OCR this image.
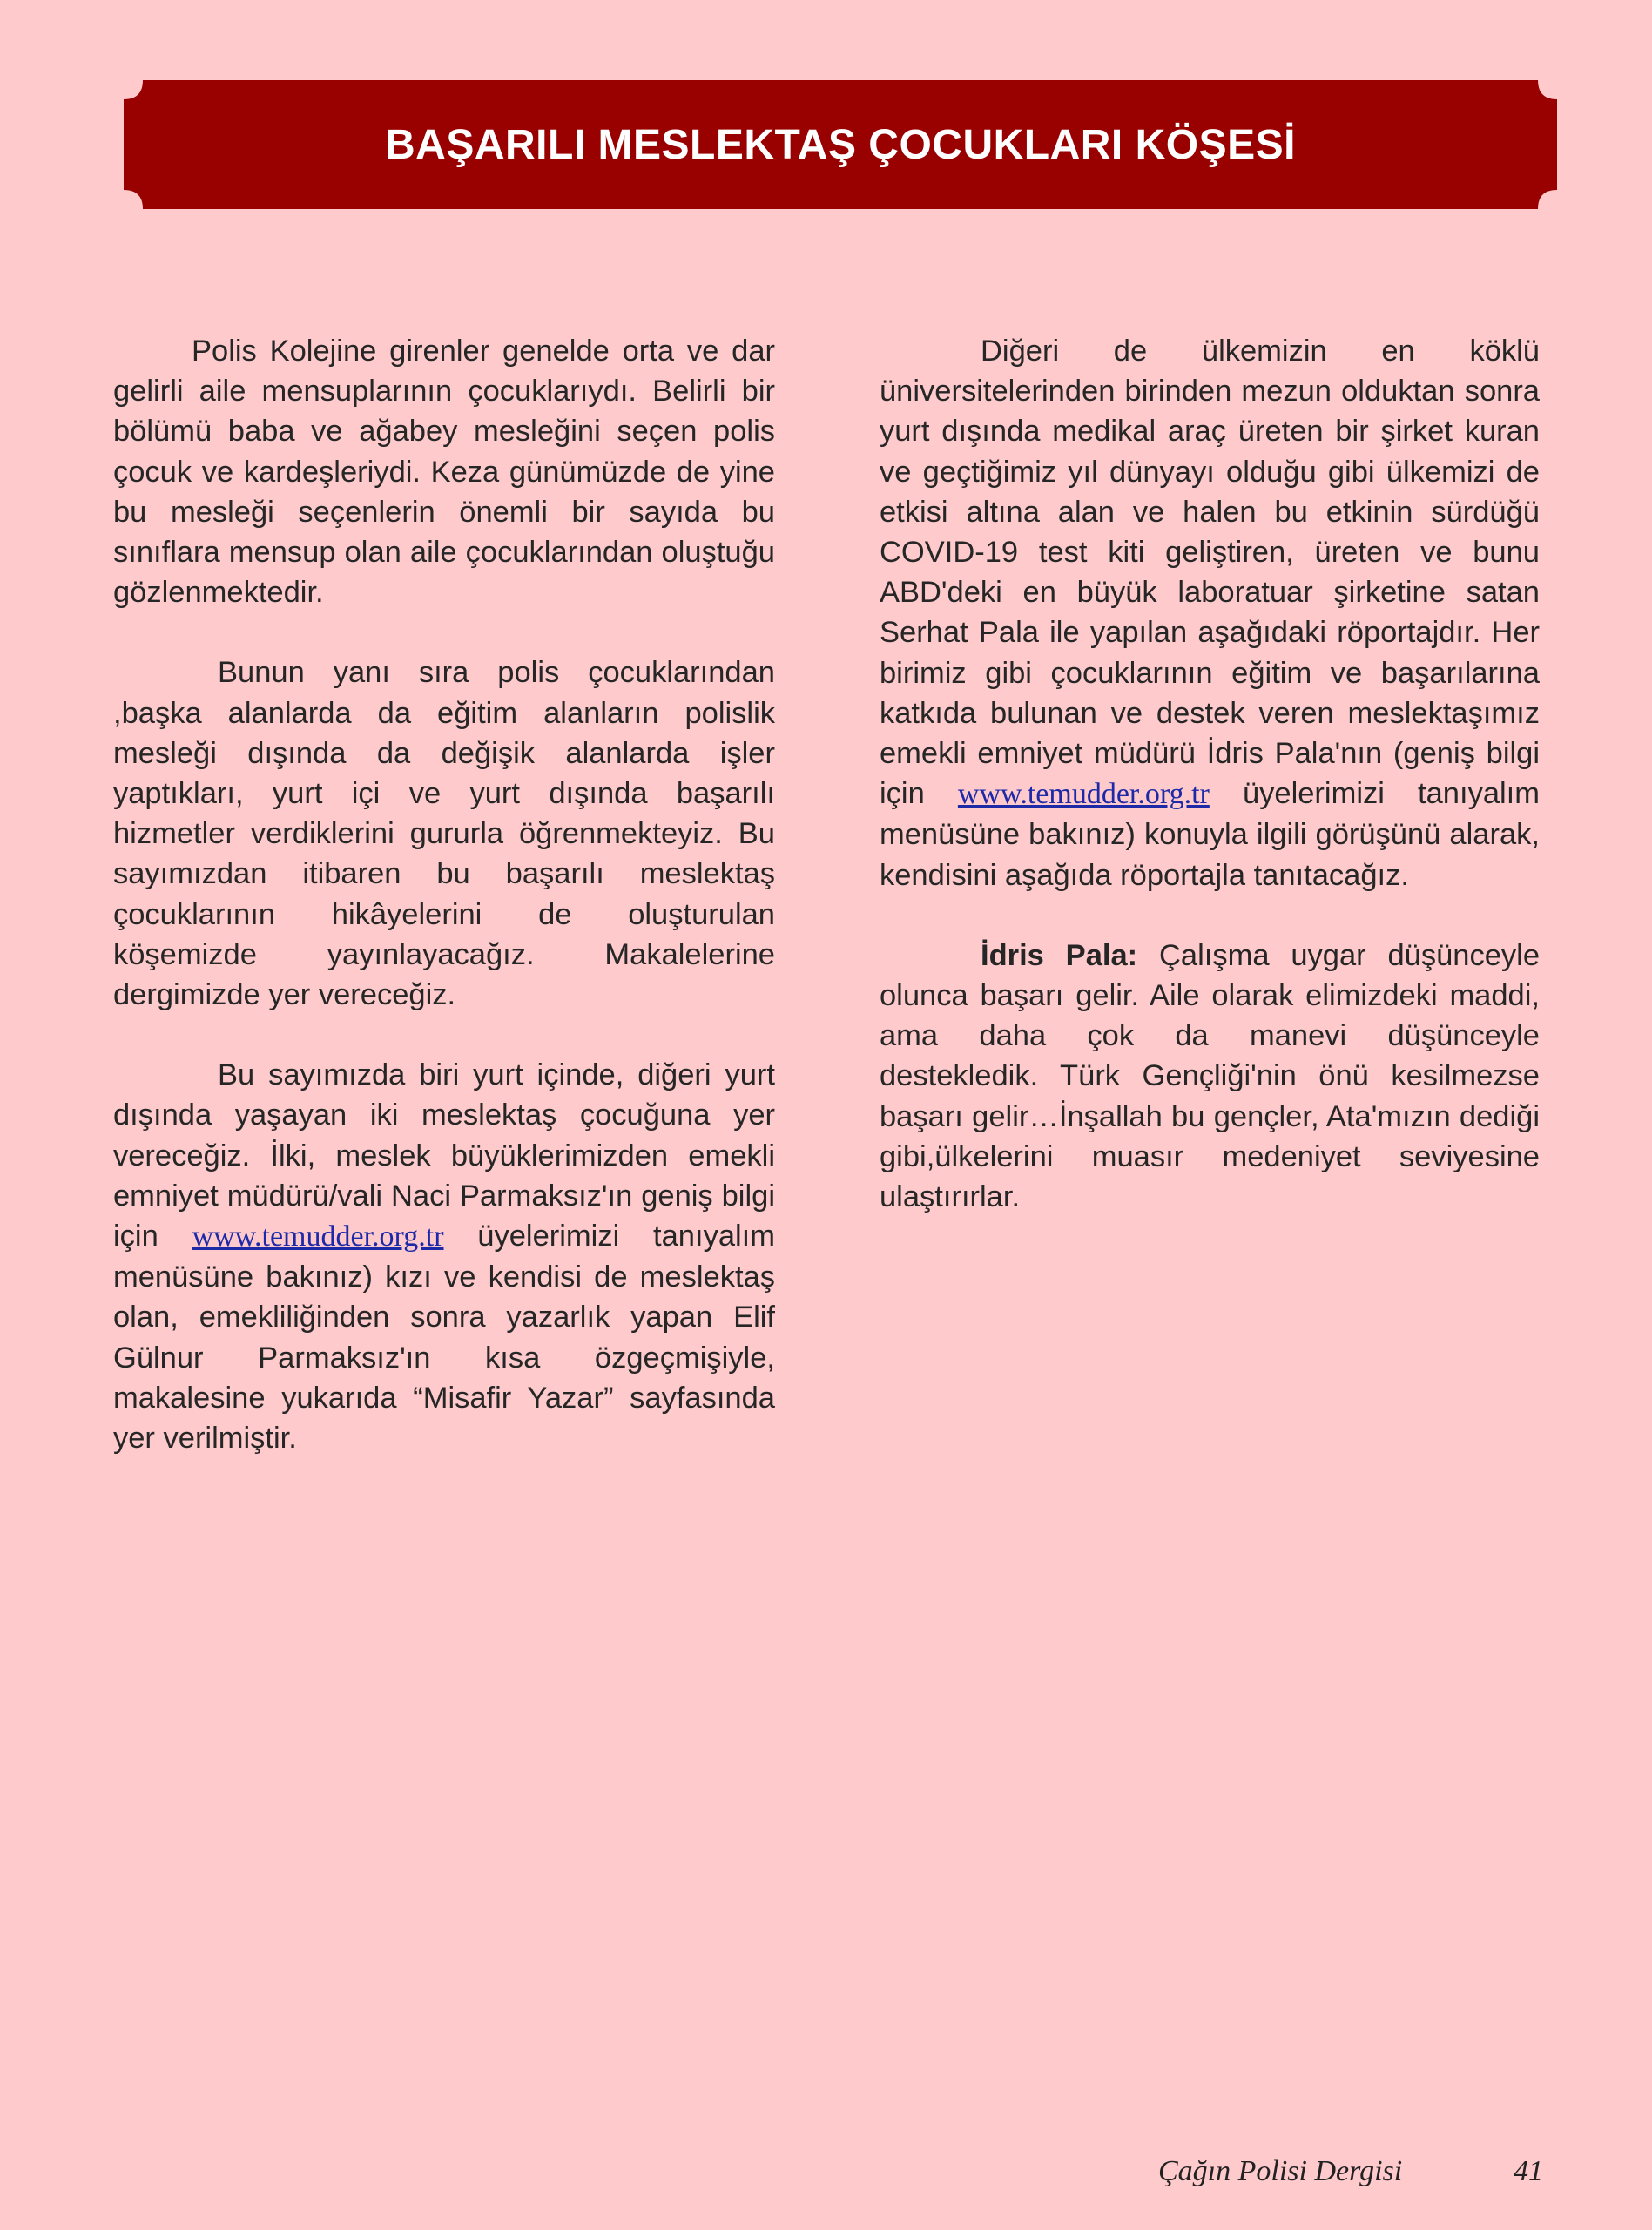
BAŞARILI MESLEKTAŞ ÇOCUKLARI KÖŞESİ

Polis Kolejine girenler genelde orta ve dar gelirli aile mensuplarının çocuklarıydı. Belirli bir bölümü baba ve ağabey mesleğini seçen polis çocuk ve kardeşleriydi. Keza günümüzde de yine bu mesleği seçenlerin önemli bir sayıda bu sınıflara mensup olan aile çocuklarından oluştuğu gözlenmektedir.

Bunun yanı sıra polis çocuklarından ,başka alanlarda da eğitim alanların polislik mesleği dışında da değişik alanlarda işler yaptıkları, yurt içi ve yurt dışında başarılı hizmetler verdiklerini gururla öğrenmekteyiz. Bu sayımızdan itibaren bu başarılı meslektaş çocuklarının hikâyelerini de oluşturulan köşemizde yayınlayacağız. Makalelerine dergimizde yer vereceğiz.

Bu sayımızda biri yurt içinde, diğeri yurt dışında yaşayan iki meslektaş çocuğuna yer vereceğiz. İlki, meslek büyüklerimizden emekli emniyet müdürü/vali Naci Parmaksız'ın geniş bilgi için www.temudder.org.tr üyelerimizi tanıyalım menüsüne bakınız) kızı ve kendisi de meslektaş olan, emekliliğinden sonra yazarlık yapan Elif Gülnur Parmaksız'ın kısa özgeçmişiyle, makalesine yukarıda “Misafir Yazar” sayfasında yer verilmiştir.

Diğeri de ülkemizin en köklü üniversitelerinden birinden mezun olduktan sonra yurt dışında medikal araç üreten bir şirket kuran ve geçtiğimiz yıl dünyayı olduğu gibi ülkemizi de etkisi altına alan ve halen bu etkinin sürdüğü COVID-19 test kiti geliştiren, üreten ve bunu ABD'deki en büyük laboratuar şirketine satan Serhat Pala ile yapılan aşağıdaki röportajdır. Her birimiz gibi çocuklarının eğitim ve başarılarına katkıda bulunan ve destek veren meslektaşımız emekli emniyet müdürü İdris Pala'nın (geniş bilgi için www.temudder.org.tr üyelerimizi tanıyalım menüsüne bakınız) konuyla ilgili görüşünü alarak, kendisini aşağıda röportajla tanıtacağız.

İdris Pala: Çalışma uygar düşünceyle olunca başarı gelir. Aile olarak elimizdeki maddi, ama daha çok da manevi düşünceyle destekledik. Türk Gençliği'nin önü kesilmezse başarı gelir…İnşallah bu gençler, Ata'mızın dediği gibi,ülkelerini muasır medeniyet seviyesine ulaştırırlar.

Çağın Polisi Dergisi	41
